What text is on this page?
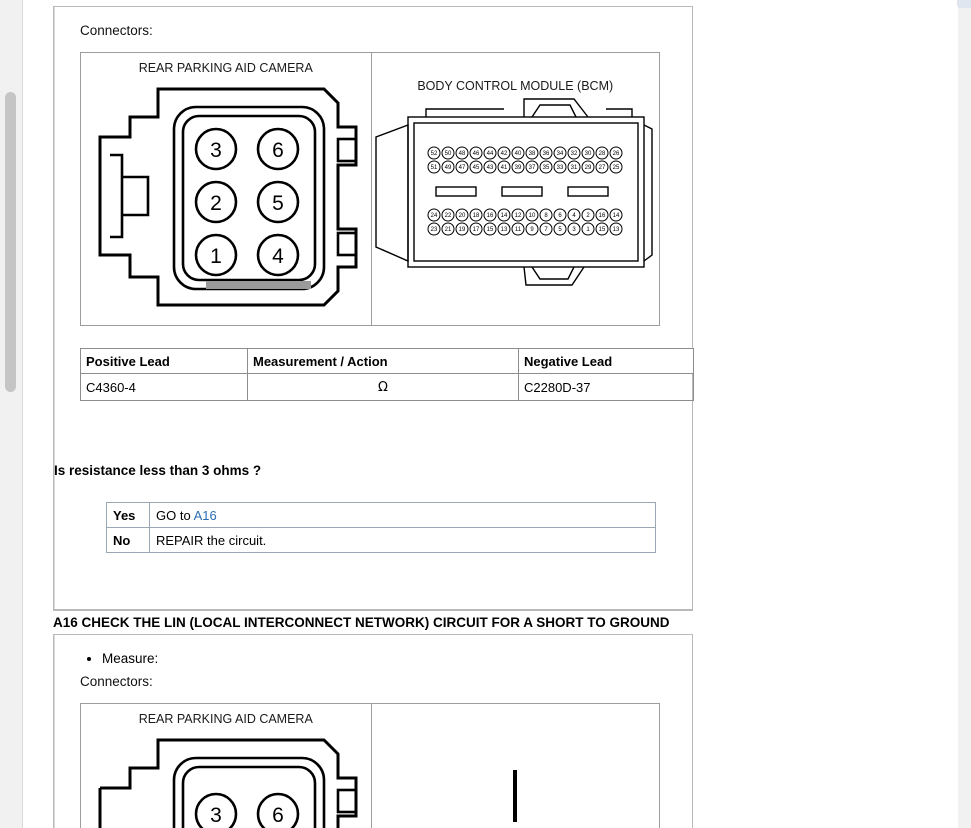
Connectors:
REAR PARKING AID CAMERA
3 6
2 5
1 4
BODY CONTROL MODULE (BCM)
52 50 48 46 44 42 40 38 36 34 32 30 28 26
51 49 47 45 43 41 39 37 35 33 31 29 27 25
24 22 20 18 16 14 12 10 8 6 4 2 16 14
23 21 19 17 15 13 11 9 7 5 3 1 15 13
Positive Lead	Measurement / Action	Negative Lead
C4360-4	Ω	C2280D-37
Is resistance less than 3 ohms ?
Yes	GO to A16
No	REPAIR the circuit.
A16 CHECK THE LIN (LOCAL INTERCONNECT NETWORK) CIRCUIT FOR A SHORT TO GROUND
• Measure:
Connectors:
REAR PARKING AID CAMERA
3 6
